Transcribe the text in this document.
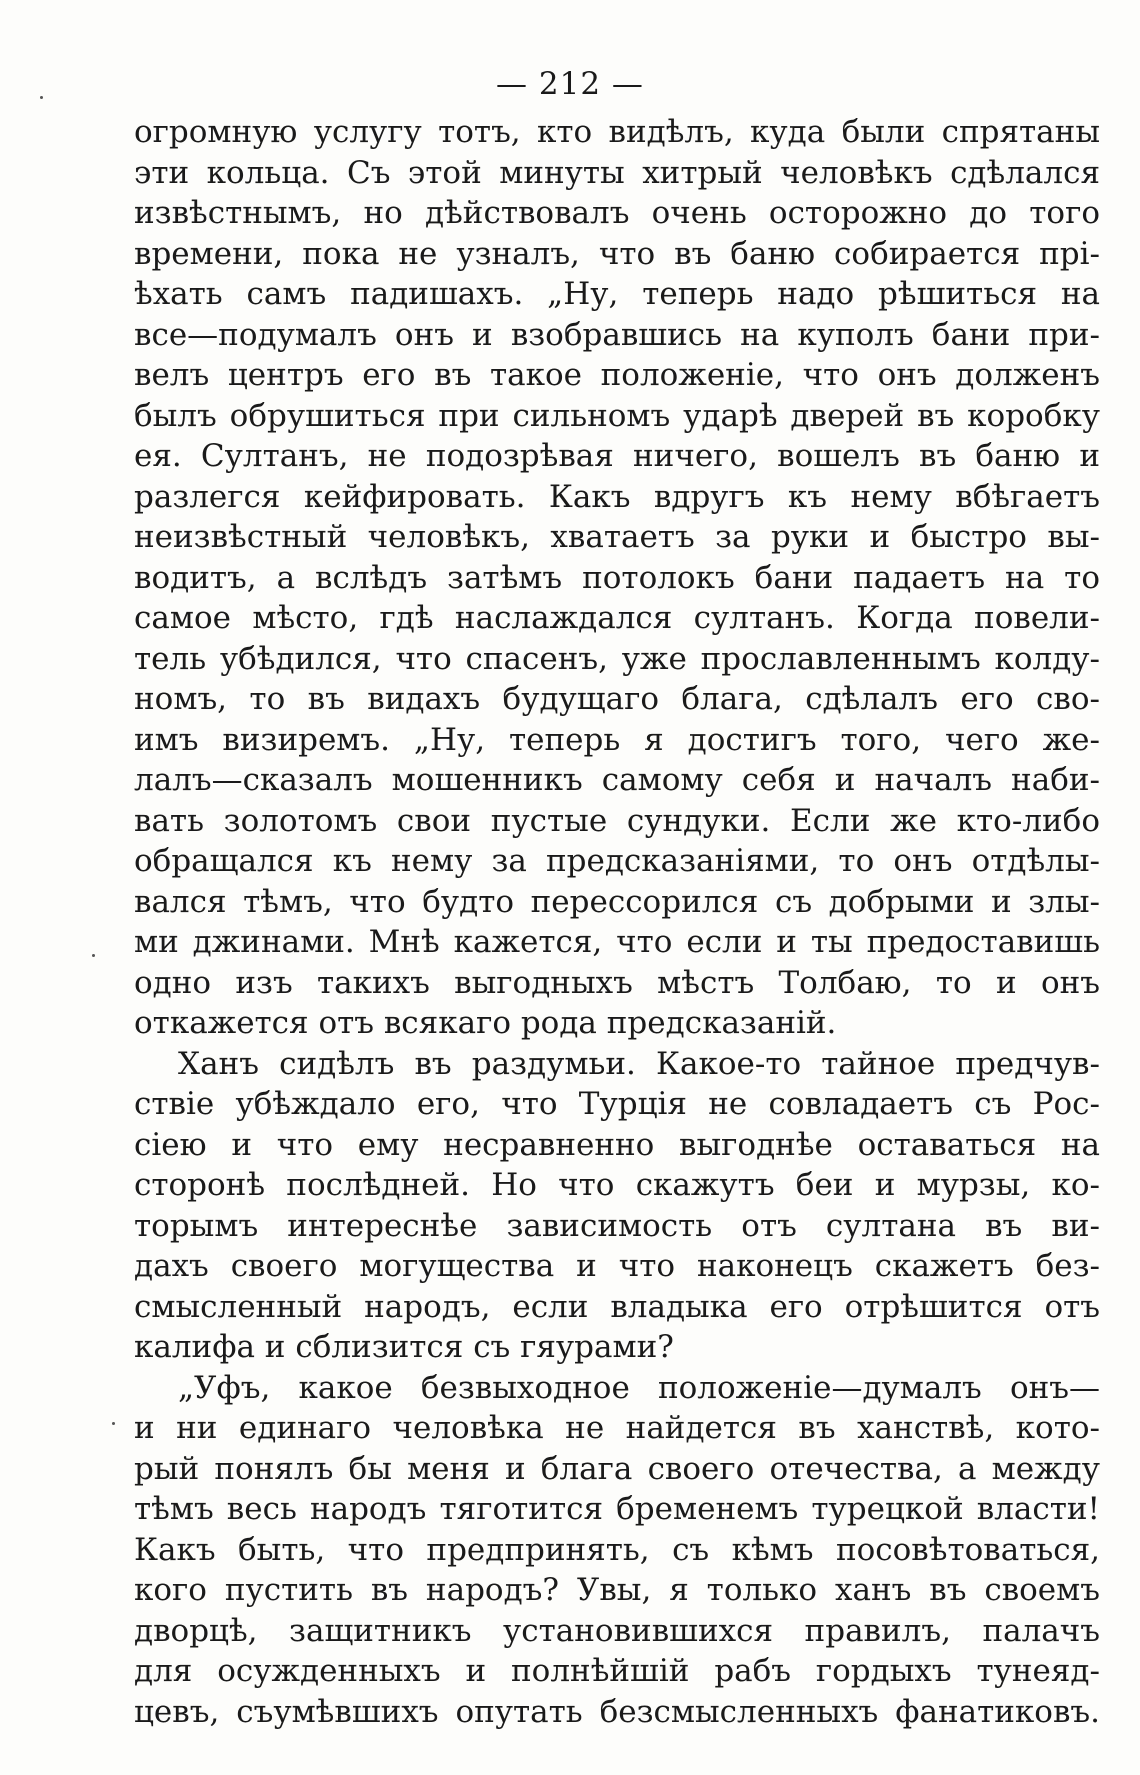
— 212 —
огромную услугу тотъ, кто видѣлъ, куда были спрятаны
эти кольца. Съ этой минуты хитрый человѣкъ сдѣлался
извѣстнымъ, но дѣйствовалъ очень осторожно до того
времени, пока не узналъ, что въ баню собирается прі-
ѣхать самъ падишахъ. „Ну, теперь надо рѣшиться на
все—подумалъ онъ и взобравшись на куполъ бани при-
велъ центръ его въ такое положеніе, что онъ долженъ
былъ обрушиться при сильномъ ударѣ дверей въ коробку
ея. Султанъ, не подозрѣвая ничего, вошелъ въ баню и
разлегся кейфировать. Какъ вдругъ къ нему вбѣгаетъ
неизвѣстный человѣкъ, хватаетъ за руки и быстро вы-
водитъ, а вслѣдъ затѣмъ потолокъ бани падаетъ на то
самое мѣсто, гдѣ наслаждался султанъ. Когда повели-
тель убѣдился, что спасенъ, уже прославленнымъ колду-
номъ, то въ видахъ будущаго блага, сдѣлалъ его сво-
имъ визиремъ. „Ну, теперь я достигъ того, чего же-
лалъ—сказалъ мошенникъ самому себя и началъ наби-
вать золотомъ свои пустые сундуки. Если же кто-либо
обращался къ нему за предсказаніями, то онъ отдѣлы-
вался тѣмъ, что будто перессорился съ добрыми и злы-
ми джинами. Мнѣ кажется, что если и ты предоставишь
одно изъ такихъ выгодныхъ мѣстъ Толбаю, то и онъ
откажется отъ всякаго рода предсказаній.
Ханъ сидѣлъ въ раздумьи. Какое-то тайное предчув-
ствіе убѣждало его, что Турція не совладаетъ съ Рос-
сіею и что ему несравненно выгоднѣе оставаться на
сторонѣ послѣдней. Но что скажутъ беи и мурзы, ко-
торымъ интереснѣе зависимость отъ султана въ ви-
дахъ своего могущества и что наконецъ скажетъ без-
смысленный народъ, если владыка его отрѣшится отъ
калифа и сблизится съ гяурами?
„Уфъ, какое безвыходное положеніе—думалъ онъ—
и ни единаго человѣка не найдется въ ханствѣ, кото-
рый понялъ бы меня и блага своего отечества, а между
тѣмъ весь народъ тяготится бременемъ турецкой власти!
Какъ быть, что предпринять, съ кѣмъ посовѣтоваться,
кого пустить въ народъ? Увы, я только ханъ въ своемъ
дворцѣ, защитникъ установившихся правилъ, палачъ
для осужденныхъ и полнѣйшій рабъ гордыхъ тунеяд-
цевъ, съумѣвшихъ опутать безсмысленныхъ фанатиковъ.
